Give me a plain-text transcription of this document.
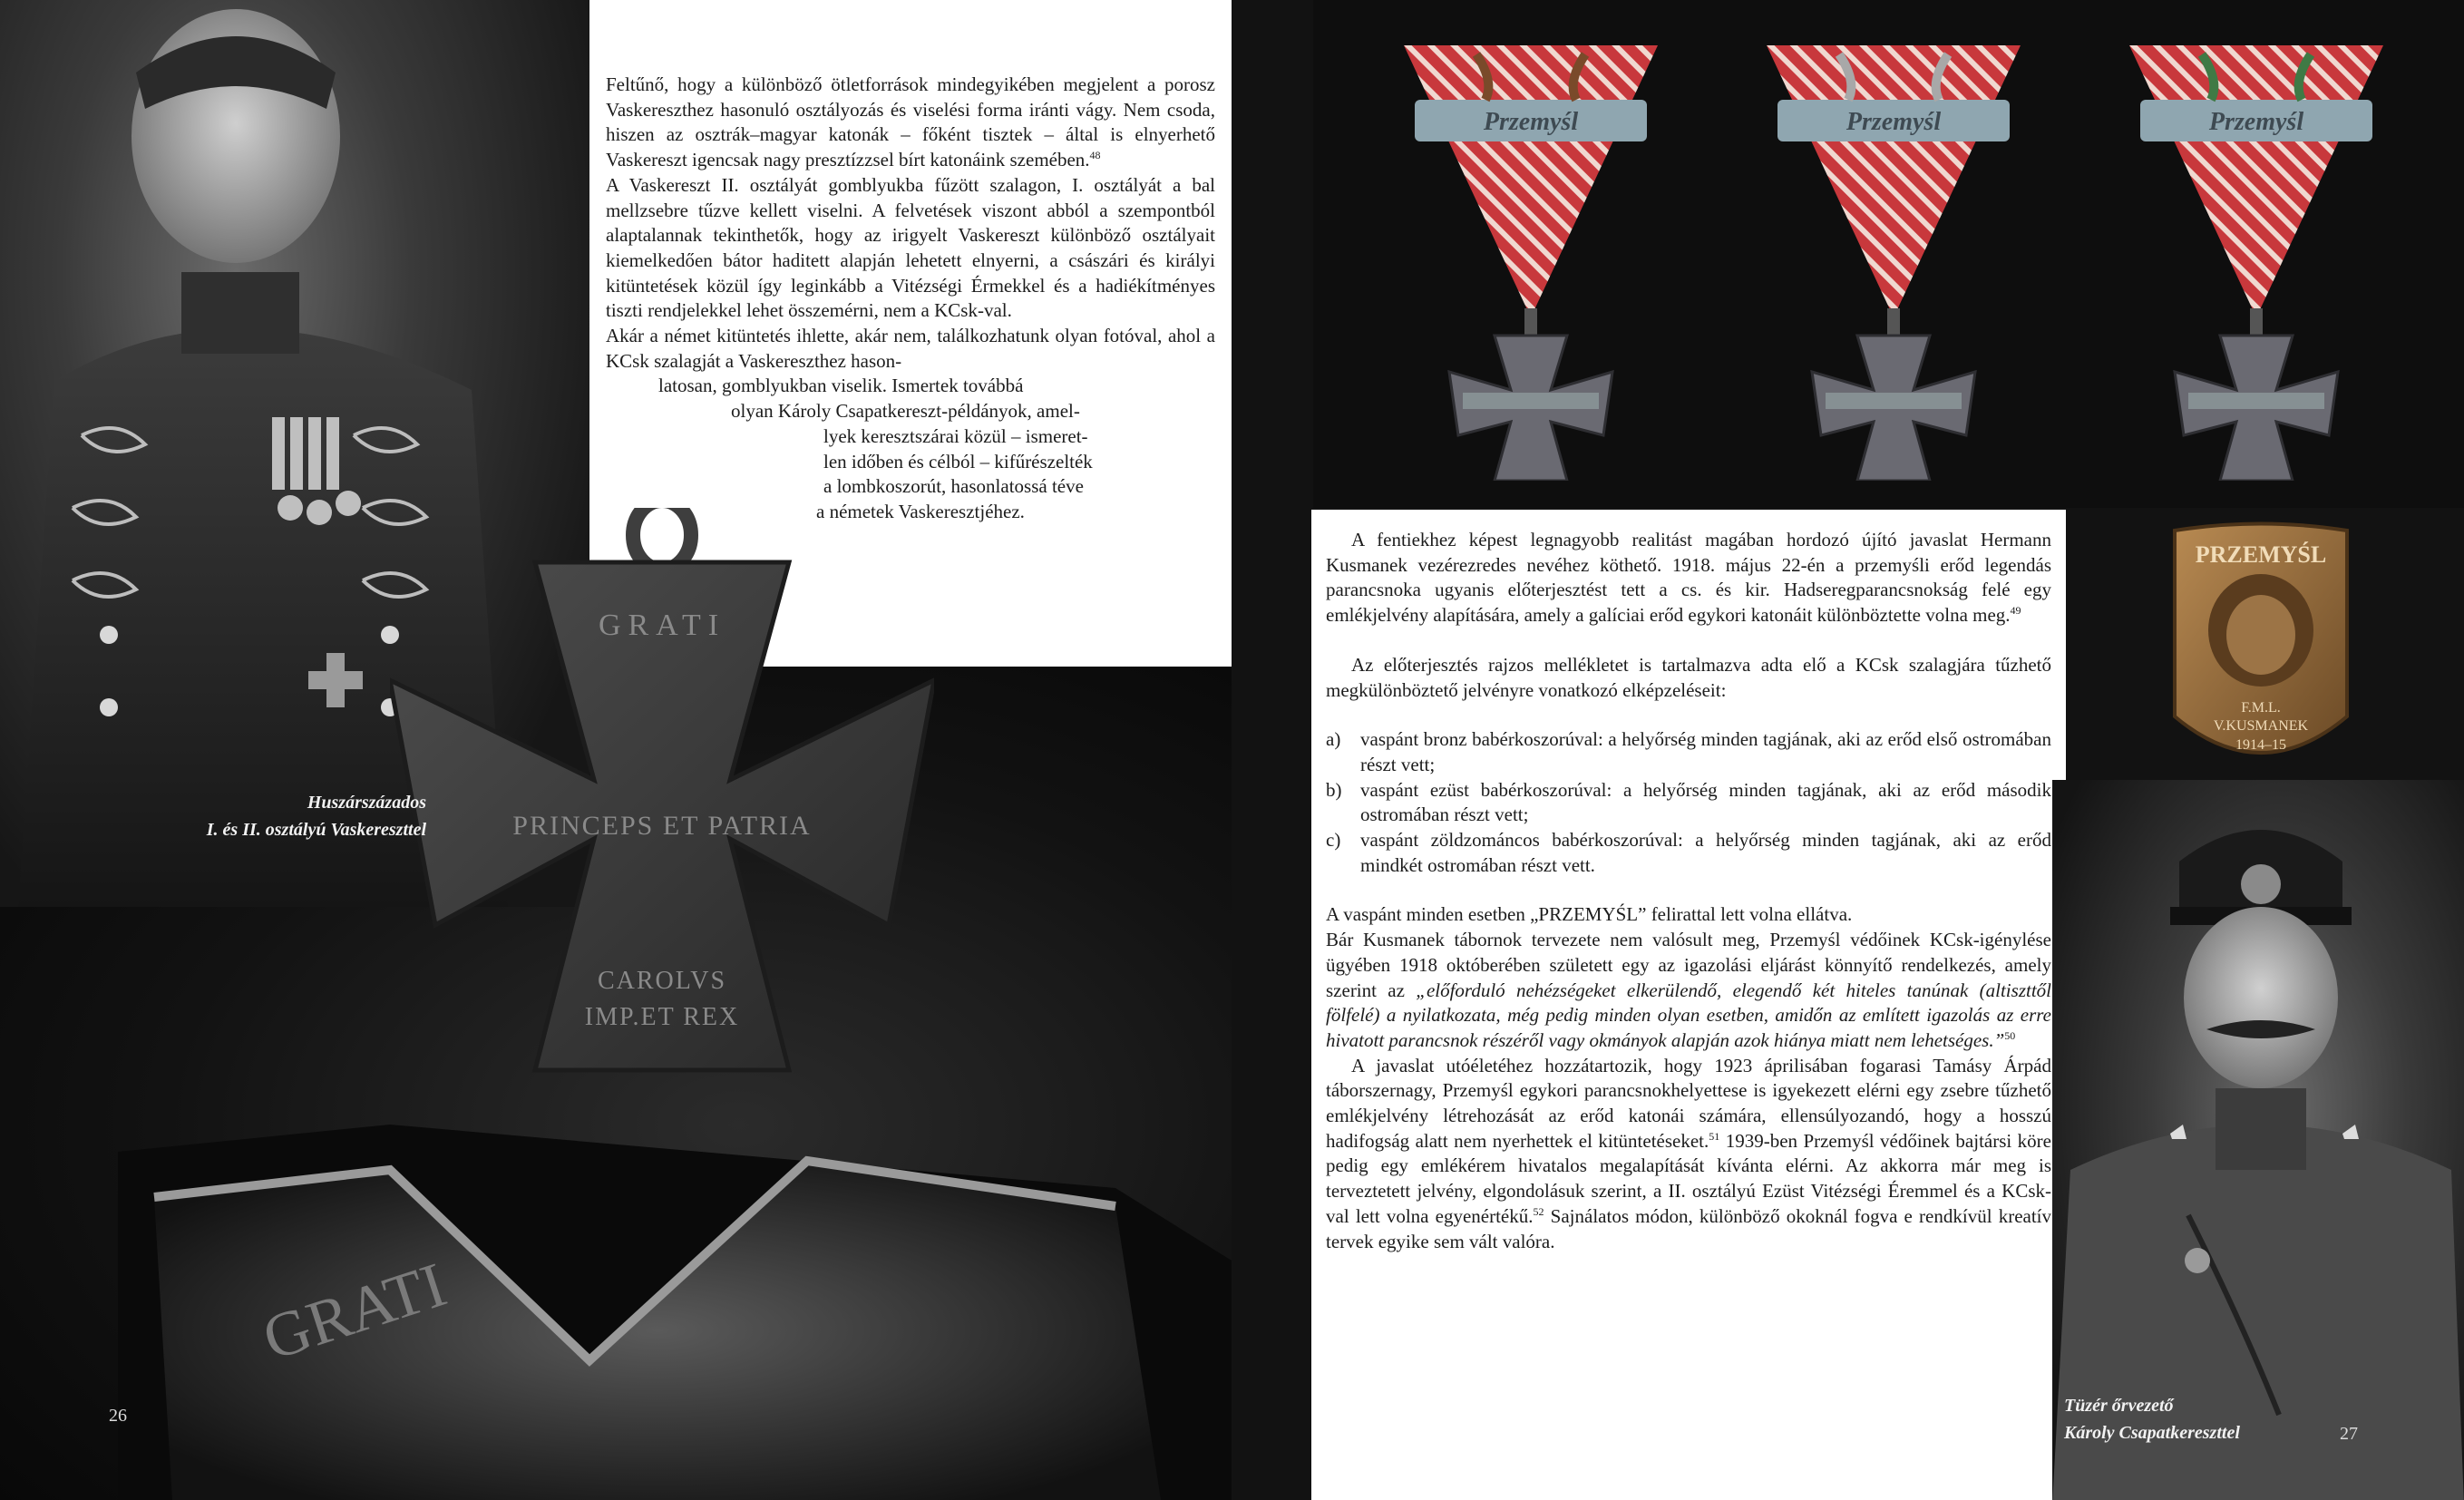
Feltűnő, hogy a különböző ötletforrások mindegyikében megjelent a porosz Vaskereszthez hasonuló osztályozás és viselési forma iránti vágy. Nem csoda, hiszen az osztrák–magyar katonák – főként tisztek – által is elnyerhető Vaskereszt igencsak nagy presztízzsel bírt katonáink szemében.$^{48}$

A Vaskereszt II. osztályát gomblyukba fűzött szalagon, I. osztályát a bal mellzsebre tűzve kellett viselni. A felvetések viszont abból a szempontból alaptalannak tekinthetők, hogy az irigyelt Vaskereszt különböző osztályait kiemelkedően bátor haditett alapján lehetett elnyerni, a császári és királyi kitüntetések közül így leginkább a Vitézségi Érmekkel és a hadiékítményes tiszti rendjelekkel lehet összemérni, nem a KCsk-val.

Akár a német kitüntetés ihlette, akár nem, találkozhatunk olyan fotóval, ahol a KCsk szalagját a Vaskereszthez hason-

latosan, gomblyukban viselik. Ismertek továbbá

olyan Károly Csapatkereszt-példányok, amel-

lyek keresztszárai közül – ismeret-

len időben és célból – kifűrészelték

a lombkoszorút, hasonlatossá téve

a németek Vaskeresztjéhez.

GRATI
PRINCEPS ET PATRIA
CAROLVS
IMP.ET REX
GRATI
Huszárszázados
I. és II. osztályú Vaskereszttel
26
Przemyśl	Przemyśl	Przemyśl

A fentiekhez képest legnagyobb realitást magában hordozó újító javaslat Hermann Kusmanek vezérezredes nevéhez köthető. 1918. május 22-én a przemyśli erőd legendás parancsnoka ugyanis előterjesztést tett a cs. és kir. Hadseregparancsnokság felé egy emlékjelvény alapítására, amely a galíciai erőd egykori katonáit különböztette volna meg.$^{49}$

Az előterjesztés rajzos mellékletet is tartalmazva adta elő a KCsk szalagjára tűzhető megkülönböztető jelvényre vonatkozó elképzeléseit:

a)	vaspánt bronz babérkoszorúval: a helyőrség minden tagjának, aki az erőd első ostromában részt vett;
b) vaspánt ezüst babérkoszorúval: a helyőrség minden tagjának, aki az erőd második ostromában részt vett;
c)	vaspánt zöldzománcos babérkoszorúval: a helyőrség minden tagjának, aki az erőd mindkét ostromában részt vett.

A vaspánt minden esetben „PRZEMYŚL” felirattal lett volna ellátva.

Bár Kusmanek tábornok tervezete nem valósult meg, Przemyśl védőinek KCsk-igénylése ügyében 1918 októberében született egy az igazolási eljárást könnyítő rendelkezés, amely szerint az „előforduló nehézségeket elkerülendő, elegendő két hiteles tanúnak (altiszttől fölfelé) a nyilatkozata, még pedig minden olyan esetben, amidőn az említett igazolás az erre hivatott parancsnok részéről vagy okmányok alapján azok hiánya miatt nem lehetséges.”$^{50}$

A javaslat utóéletéhez hozzátartozik, hogy 1923 áprilisában fogarasi Tamásy Árpád táborszernagy, Przemyśl egykori parancsnokhelyettese is igyekezett elérni egy zsebre tűzhető emlékjelvény létrehozását az erőd katonái számára, ellensúlyozandó, hogy a hosszú hadifogság alatt nem nyerhettek el kitüntetéseket.$^{51}$ 1939-ben Przemyśl védőinek bajtársi köre pedig egy emlékérem hivatalos megalapítását kívánta elérni. Az akkorra már meg is terveztetett jelvény, elgondolásuk szerint, a II. osztályú Ezüst Vitézségi Éremmel és a KCsk-val lett volna egyenértékű.$^{52}$ Sajnálatos módon, különböző okoknál fogva e rendkívül kreatív tervek egyike sem vált valóra.

PRZEMYŚL
F.M.L.
V.KUSMANEK
1914–15
Tüzér őrvezető
Károly Csapatkereszttel	27
